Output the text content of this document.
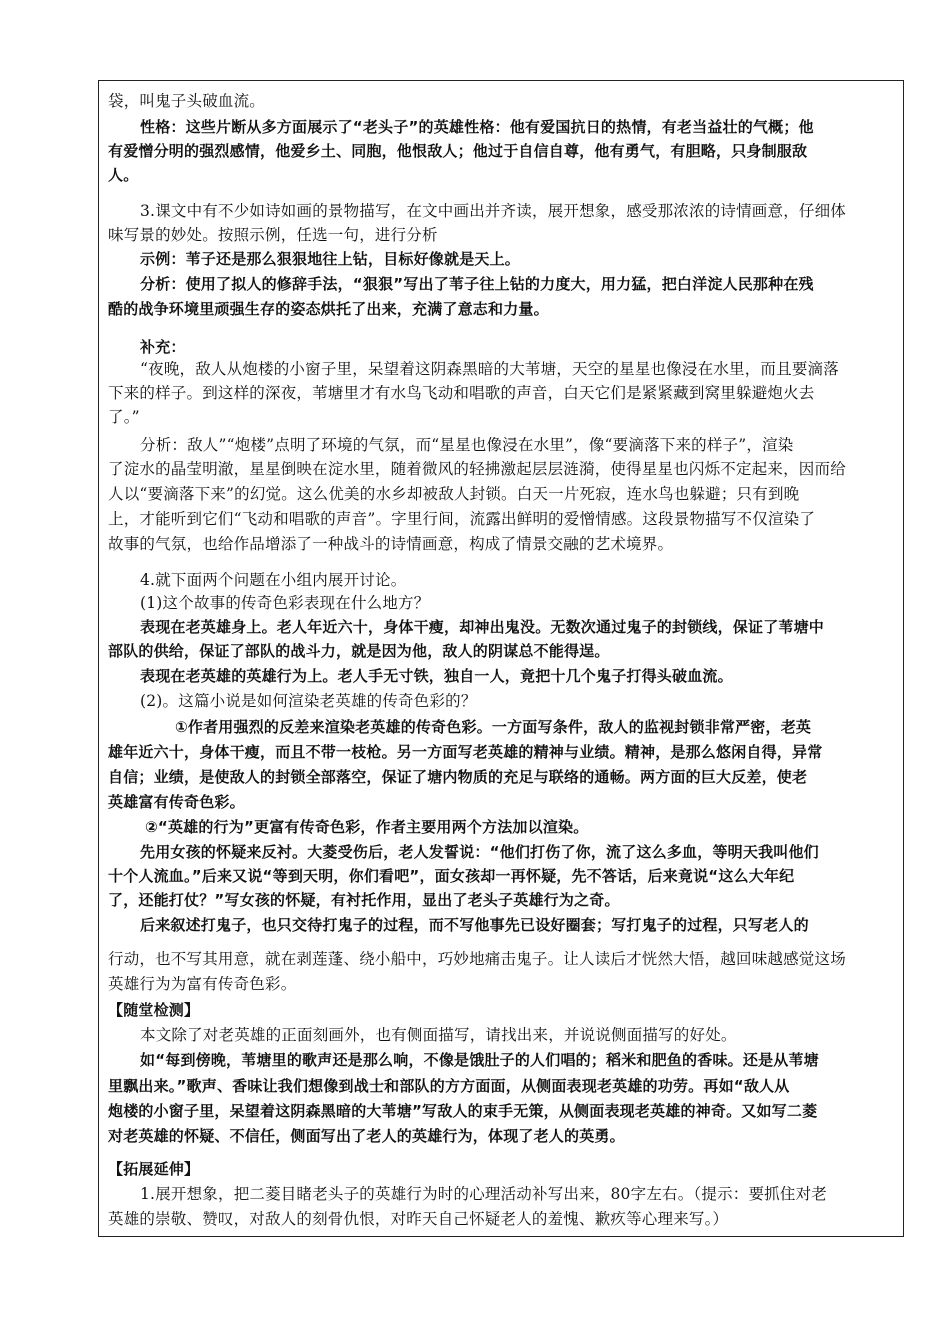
袋，叫鬼子头破血流。
性格：这些片断从多方面展示了“老头子”的英雄性格：他有爱国抗日的热情，有老当益壮的气概；他
有爱憎分明的强烈感情，他爱乡土、同胞，他恨敌人；他过于自信自尊，他有勇气，有胆略，只身制服敌
人。
3.课文中有不少如诗如画的景物描写，在文中画出并齐读，展开想象，感受那浓浓的诗情画意，仔细体
味写景的妙处。按照示例，任选一句，进行分析
示例：苇子还是那么狠狠地往上钻，目标好像就是天上。
分析：使用了拟人的修辞手法，“狠狠”写出了苇子往上钻的力度大，用力猛，把白洋淀人民那种在残
酷的战争环境里顽强生存的姿态烘托了出来，充满了意志和力量。
补充：
“夜晚，敌人从炮楼的小窗子里，呆望着这阴森黑暗的大苇塘，天空的星星也像浸在水里，而且要滴落
下来的样子。到这样的深夜，苇塘里才有水鸟飞动和唱歌的声音，白天它们是紧紧藏到窝里躲避炮火去
了。”
分析：敌人”“炮楼”点明了环境的气氛，而“星星也像浸在水里”，像“要滴落下来的样子”，渲染
了淀水的晶莹明澈，星星倒映在淀水里，随着微风的轻拂激起层层涟漪，使得星星也闪烁不定起来，因而给
人以“要滴落下来”的幻觉。这么优美的水乡却被敌人封锁。白天一片死寂，连水鸟也躲避；只有到晚
上，才能听到它们“飞动和唱歌的声音”。字里行间，流露出鲜明的爱憎情感。这段景物描写不仅渲染了
故事的气氛，也给作品增添了一种战斗的诗情画意，构成了情景交融的艺术境界。
4.就下面两个问题在小组内展开讨论。
(1)这个故事的传奇色彩表现在什么地方？
表现在老英雄身上。老人年近六十，身体干瘦，却神出鬼没。无数次通过鬼子的封锁线，保证了苇塘中
部队的供给，保证了部队的战斗力，就是因为他，敌人的阴谋总不能得逞。
表现在老英雄的英雄行为上。老人手无寸铁，独自一人，竟把十几个鬼子打得头破血流。
(2)。这篇小说是如何渲染老英雄的传奇色彩的？
①作者用强烈的反差来渲染老英雄的传奇色彩。一方面写条件，敌人的监视封锁非常严密，老英
雄年近六十，身体干瘦，而且不带一枝枪。另一方面写老英雄的精神与业绩。精神，是那么悠闲自得，异常
自信；业绩，是使敌人的封锁全部落空，保证了塘内物质的充足与联络的通畅。两方面的巨大反差，使老
英雄富有传奇色彩。
②“英雄的行为”更富有传奇色彩，作者主要用两个方法加以渲染。
先用女孩的怀疑来反衬。大菱受伤后，老人发誓说：“他们打伤了你，流了这么多血，等明天我叫他们
十个人流血。”后来又说“等到天明，你们看吧”，面女孩却一再怀疑，先不答话，后来竟说“这么大年纪
了，还能打仗？”写女孩的怀疑，有衬托作用，显出了老头子英雄行为之奇。
后来叙述打鬼子，也只交待打鬼子的过程，而不写他事先已设好圈套；写打鬼子的过程，只写老人的
行动，也不写其用意，就在剥莲蓬、绕小船中，巧妙地痛击鬼子。让人读后才恍然大悟，越回味越感觉这场
英雄行为为富有传奇色彩。
【随堂检测】
本文除了对老英雄的正面刻画外，也有侧面描写，请找出来，并说说侧面描写的好处。
如“每到傍晚，苇塘里的歌声还是那么响，不像是饿肚子的人们唱的；稻米和肥鱼的香味。还是从苇塘
里飘出来。”歌声、香味让我们想像到战士和部队的方方面面，从侧面表现老英雄的功劳。再如“敌人从
炮楼的小窗子里，呆望着这阴森黑暗的大苇塘”写敌人的束手无策，从侧面表现老英雄的神奇。又如写二菱
对老英雄的怀疑、不信任，侧面写出了老人的英雄行为，体现了老人的英勇。
【拓展延伸】
1.展开想象，把二菱目睹老头子的英雄行为时的心理活动补写出来，80字左右。（提示：要抓住对老
英雄的崇敬、赞叹，对敌人的刻骨仇恨，对昨天自己怀疑老人的羞愧、歉疚等心理来写。）
